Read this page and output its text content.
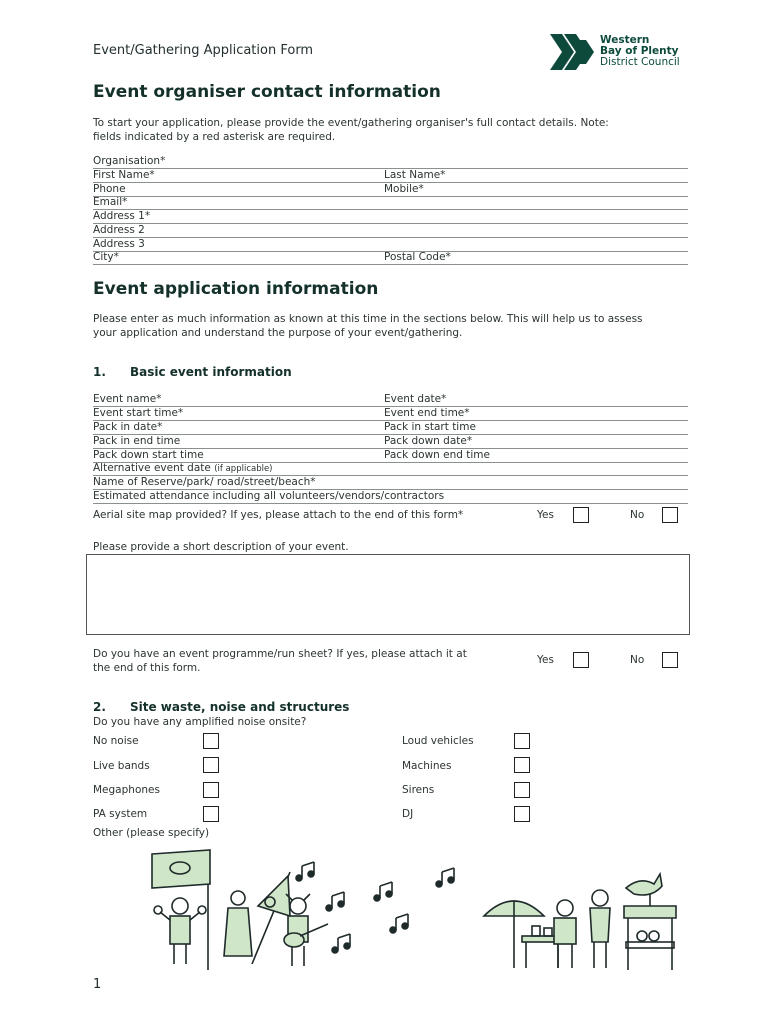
Event/Gathering Application Form
Western
Bay of Plenty
District Council
Event organiser contact information
To start your application, please provide the event/gathering organiser's full contact details. Note:
fields indicated by a red asterisk are required.
Organisation*
First Name*	Last Name*
Phone	Mobile*
Email*
Address 1*
Address 2
Address 3
City*	Postal Code*
Event application information
Please enter as much information as known at this time in the sections below. This will help us to assess
your application and understand the purpose of your event/gathering.
1. Basic event information
Event name*	Event date*
Event start time*	Event end time*
Pack in date*	Pack in start time
Pack in end time	Pack down date*
Pack down start time	Pack down end time
Alternative event date (if applicable)
Name of Reserve/park/ road/street/beach*
Estimated attendance including all volunteers/vendors/contractors
Aerial site map provided? If yes, please attach to the end of this form*	Yes	No
Please provide a short description of your event.
Do you have an event programme/run sheet? If yes, please attach it at
the end of this form.
Yes	No
2. Site waste, noise and structures
Do you have any amplified noise onsite?
No noise
Live bands
Megaphones
PA system
Loud vehicles
Machines
Sirens
DJ
Other (please specify)
1
